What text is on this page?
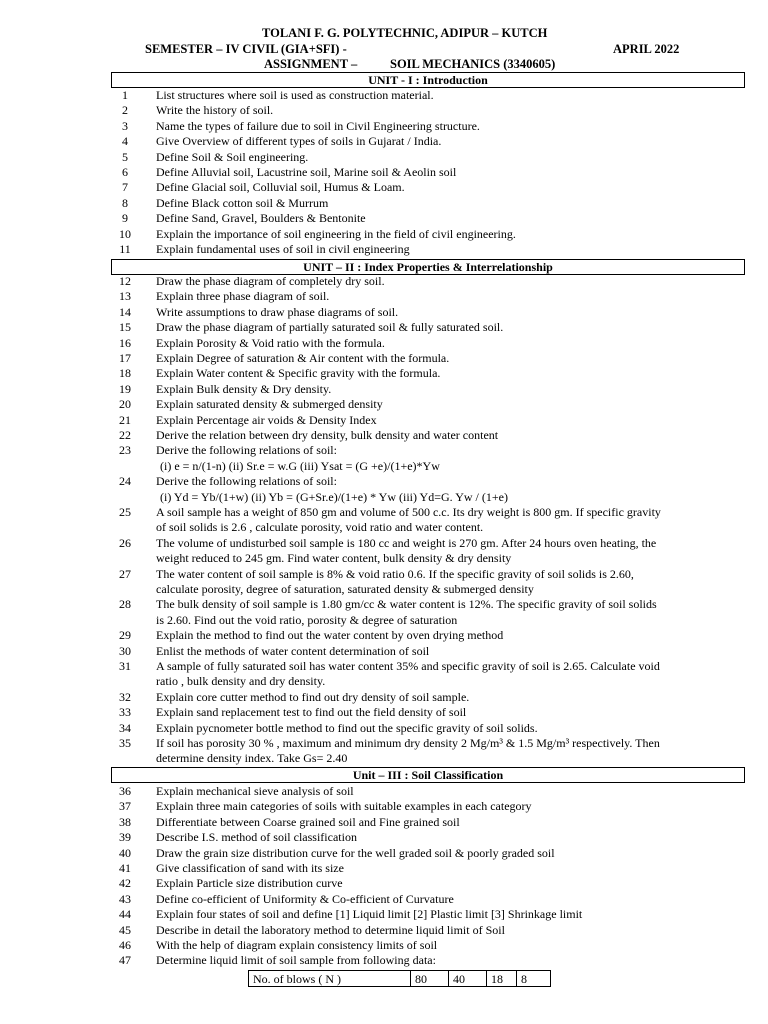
TOLANI F. G. POLYTECHNIC, ADIPUR – KUTCH
SEMESTER – IV CIVIL (GIA+SFI) -	APRIL 2022
ASSIGNMENT –	SOIL MECHANICS (3340605)
UNIT - I : Introduction
UNIT – II : Index Properties & Interrelationship
Unit – III : Soil Classification
1	List structures where soil is used as construction material.
2	Write the history of soil.
3	Name the types of failure due to soil in Civil Engineering structure.
4	Give Overview of different types of soils in Gujarat / India.
5	Define Soil & Soil engineering.
6	Define Alluvial soil, Lacustrine soil, Marine soil & Aeolin soil
7	Define Glacial soil, Colluvial soil, Humus & Loam.
8	Define Black cotton soil & Murrum
9	Define Sand, Gravel, Boulders & Bentonite
10	Explain the importance of soil engineering in the field of civil engineering.
11	Explain fundamental uses of soil in civil engineering
12	Draw the phase diagram of completely dry soil.
13	Explain three phase diagram of soil.
14	Write assumptions to draw phase diagrams of soil.
15	Draw the phase diagram of partially saturated soil & fully saturated soil.
16	Explain Porosity & Void ratio with the formula.
17	Explain Degree of saturation & Air content with the formula.
18	Explain Water content & Specific gravity with the formula.
19	Explain Bulk density & Dry density.
20	Explain saturated density & submerged density
21	Explain Percentage air voids & Density Index
22	Derive the relation between dry density, bulk density and water content
23	Derive the following relations of soil:
(i) e = n/(1-n) (ii) Sr.e = w.G (iii) Ysat = (G +e)/(1+e)*Yw
24	Derive the following relations of soil:
(i) Yd = Yb/(1+w) (ii) Yb = (G+Sr.e)/(1+e) * Yw (iii) Yd=G. Yw / (1+e)
25	A soil sample has a weight of 850 gm and volume of 500 c.c. Its dry weight is 800 gm. If specific gravity
of soil solids is 2.6 , calculate porosity, void ratio and water content.
26	The volume of undisturbed soil sample is 180 cc and weight is 270 gm. After 24 hours oven heating, the
weight reduced to 245 gm. Find water content, bulk density & dry density
27	The water content of soil sample is 8% & void ratio 0.6. If the specific gravity of soil solids is 2.60,
calculate porosity, degree of saturation, saturated density & submerged density
28	The bulk density of soil sample is 1.80 gm/cc & water content is 12%. The specific gravity of soil solids
is 2.60. Find out the void ratio, porosity & degree of saturation
29	Explain the method to find out the water content by oven drying method
30	Enlist the methods of water content determination of soil
31	A sample of fully saturated soil has water content 35% and specific gravity of soil is 2.65. Calculate void
ratio , bulk density and dry density.
32	Explain core cutter method to find out dry density of soil sample.
33	Explain sand replacement test to find out the field density of soil
34	Explain pycnometer bottle method to find out the specific gravity of soil solids.
35	If soil has porosity 30 % , maximum and minimum dry density 2 Mg/m³ & 1.5 Mg/m³ respectively. Then
determine density index. Take Gs= 2.40
36	Explain mechanical sieve analysis of soil
37	Explain three main categories of soils with suitable examples in each category
38	Differentiate between Coarse grained soil and Fine grained soil
39	Describe I.S. method of soil classification
40	Draw the grain size distribution curve for the well graded soil & poorly graded soil
41	Give classification of sand with its size
42	Explain Particle size distribution curve
43	Define co-efficient of Uniformity & Co-efficient of Curvature
44	Explain four states of soil and define [1] Liquid limit [2] Plastic limit [3] Shrinkage limit
45	Describe in detail the laboratory method to determine liquid limit of Soil
46	With the help of diagram explain consistency limits of soil
47	Determine liquid limit of soil sample from following data:
No. of blows ( N )	80	40	18	8
